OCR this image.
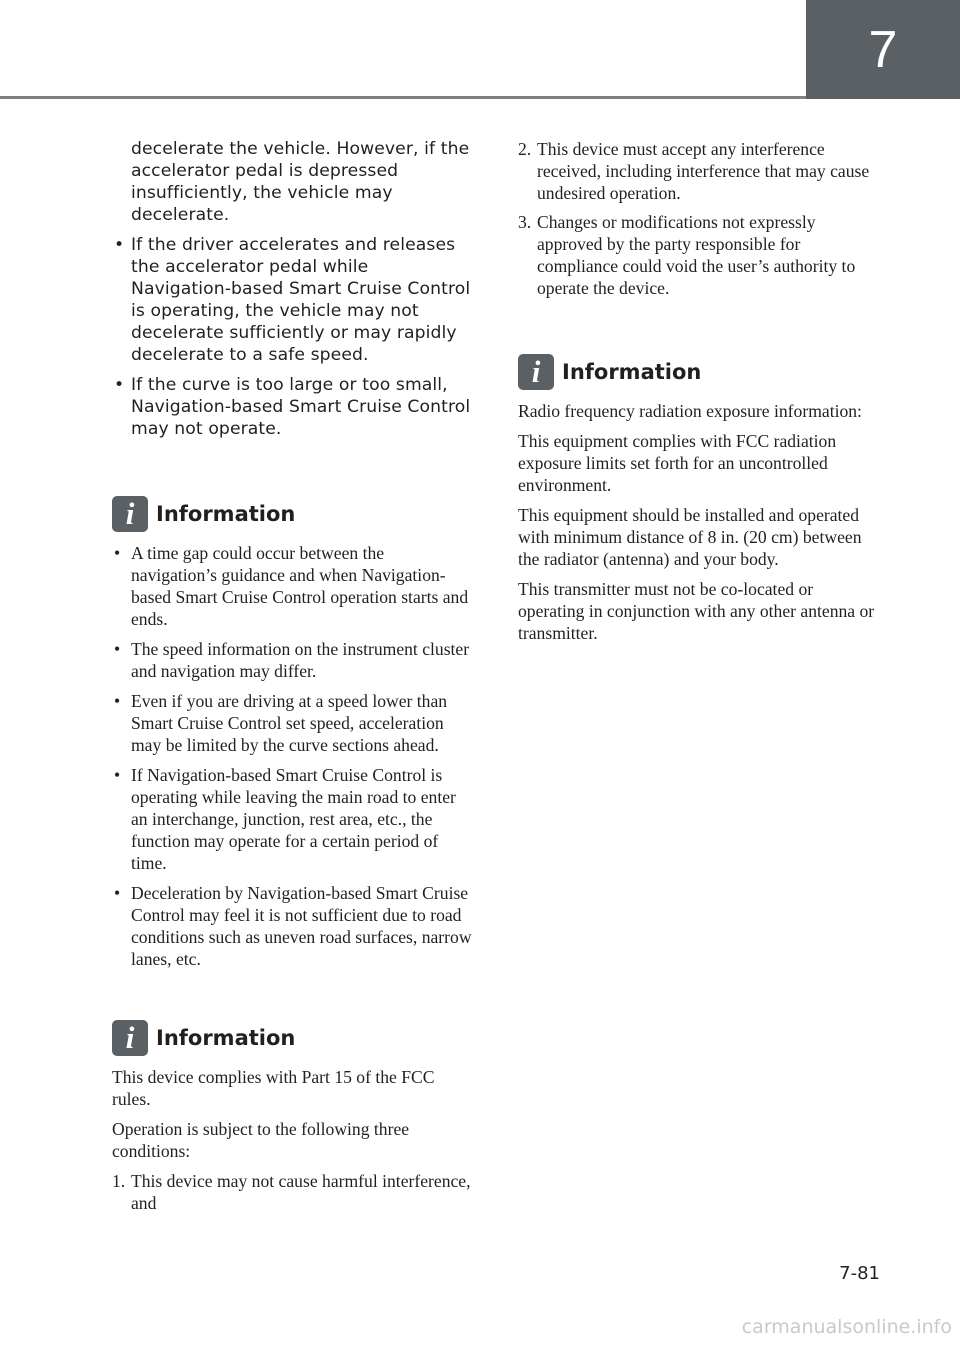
7

decelerate the vehicle. However, if the accelerator pedal is depressed insufficiently, the vehicle may decelerate.

• If the driver accelerates and releases the accelerator pedal while Navigation-based Smart Cruise Control is operating, the vehicle may not decelerate sufficiently or may rapidly decelerate to a safe speed.
• If the curve is too large or too small, Navigation-based Smart Cruise Control may not operate.
i	Information
• A time gap could occur between the navigation’s guidance and when Navigation-based Smart Cruise Control operation starts and ends.
• The speed information on the instrument cluster and navigation may differ.
• Even if you are driving at a speed lower than Smart Cruise Control set speed, acceleration may be limited by the curve sections ahead.
• If Navigation-based Smart Cruise Control is operating while leaving the main road to enter an interchange, junction, rest area, etc., the function may operate for a certain period of time.
• Deceleration by Navigation-based Smart Cruise Control may feel it is not sufficient due to road conditions such as uneven road surfaces, narrow lanes, etc.
i	Information

This device complies with Part 15 of the FCC rules.

Operation is subject to the following three conditions:

1. This device may not cause harmful interference, and
2. This device must accept any interference received, including interference that may cause undesired operation.
3. Changes or modifications not expressly approved by the party responsible for compliance could void the user’s authority to operate the device.
i	Information

Radio frequency radiation exposure information:

This equipment complies with FCC radiation exposure limits set forth for an uncontrolled environment.

This equipment should be installed and operated with minimum distance of 8 in. (20 cm) between the radiator (antenna) and your body.

This transmitter must not be co-located or operating in conjunction with any other antenna or transmitter.

7-81
carmanualsonline.info
